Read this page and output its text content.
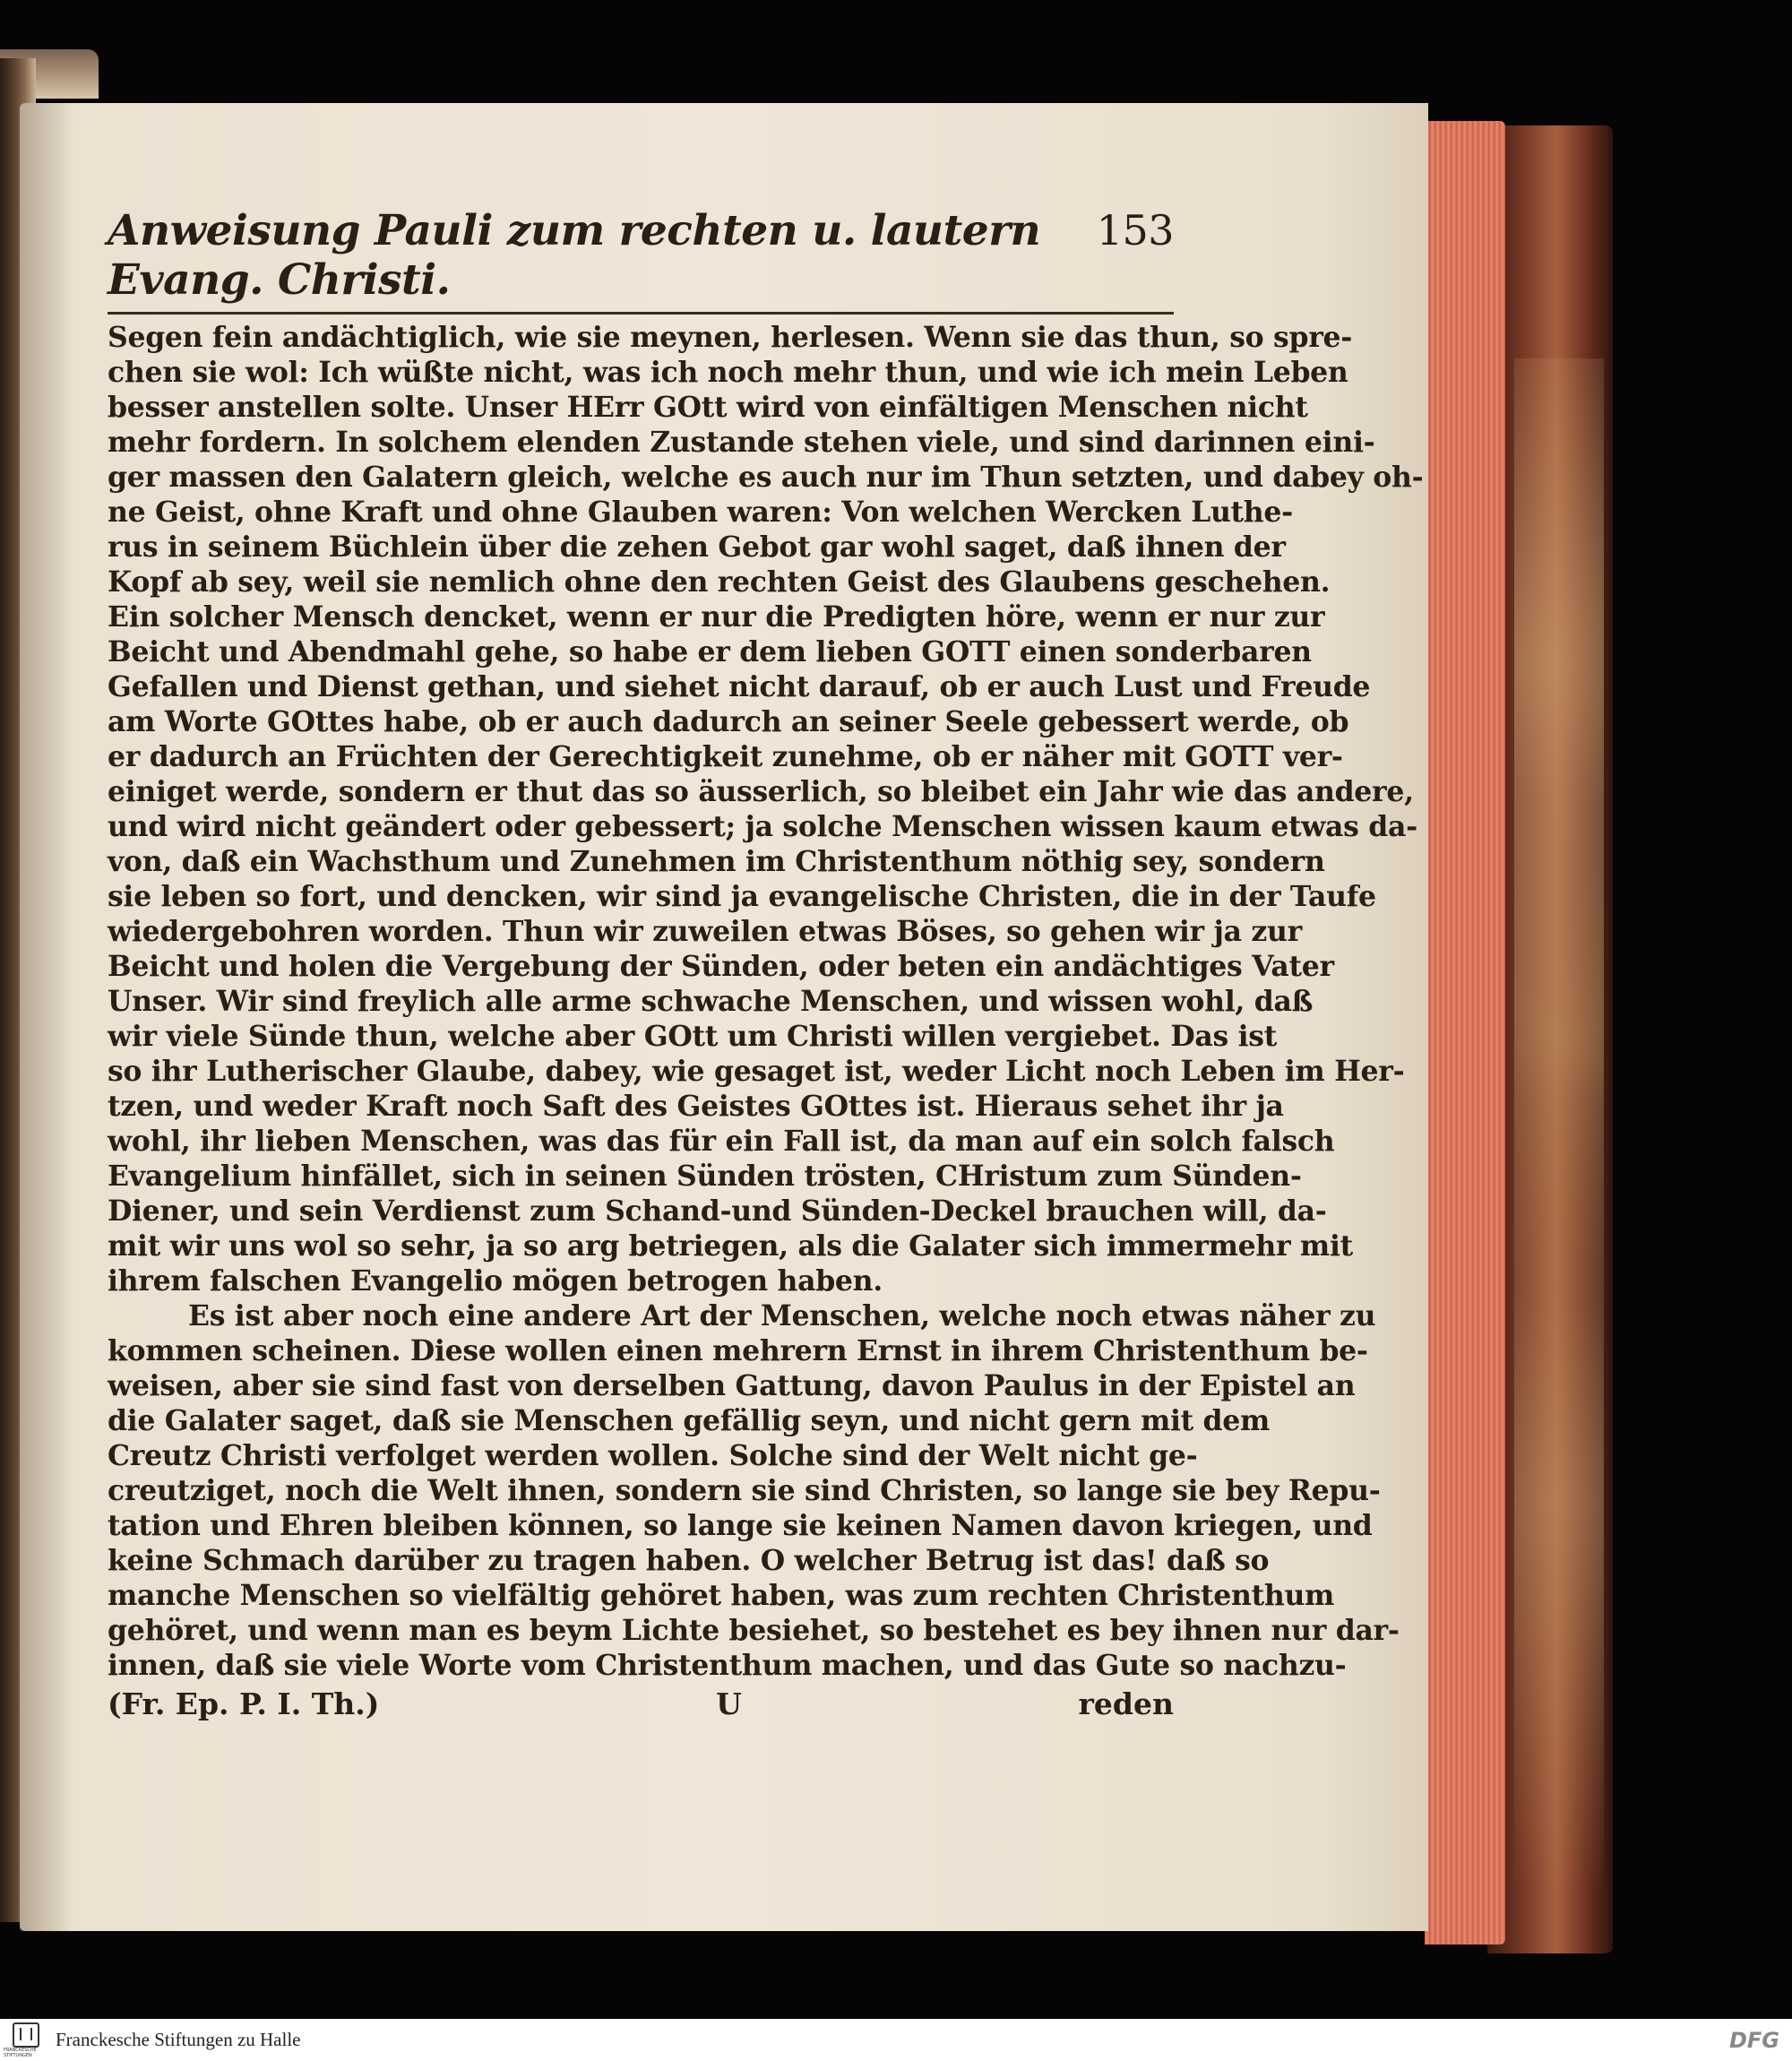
Anweisung Pauli zum rechten u. lautern Evang. Christi.
153
Segen fein andächtiglich, wie sie meynen, herlesen. Wenn sie das thun, so spre-
chen sie wol: Ich wüßte nicht, was ich noch mehr thun, und wie ich mein Leben
besser anstellen solte. Unser HErr GOtt wird von einfältigen Menschen nicht
mehr fordern. In solchem elenden Zustande stehen viele, und sind darinnen eini-
ger massen den Galatern gleich, welche es auch nur im Thun setzten, und dabey oh-
ne Geist, ohne Kraft und ohne Glauben waren: Von welchen Wercken Luthe-
rus in seinem Büchlein über die zehen Gebot gar wohl saget, daß ihnen der
Kopf ab sey, weil sie nemlich ohne den rechten Geist des Glaubens geschehen.
Ein solcher Mensch dencket, wenn er nur die Predigten höre, wenn er nur zur
Beicht und Abendmahl gehe, so habe er dem lieben GOTT einen sonderbaren
Gefallen und Dienst gethan, und siehet nicht darauf, ob er auch Lust und Freude
am Worte GOttes habe, ob er auch dadurch an seiner Seele gebessert werde, ob
er dadurch an Früchten der Gerechtigkeit zunehme, ob er näher mit GOTT ver-
einiget werde, sondern er thut das so äusserlich, so bleibet ein Jahr wie das andere,
und wird nicht geändert oder gebessert; ja solche Menschen wissen kaum etwas da-
von, daß ein Wachsthum und Zunehmen im Christenthum nöthig sey, sondern
sie leben so fort, und dencken, wir sind ja evangelische Christen, die in der Taufe
wiedergebohren worden. Thun wir zuweilen etwas Böses, so gehen wir ja zur
Beicht und holen die Vergebung der Sünden, oder beten ein andächtiges Vater
Unser. Wir sind freylich alle arme schwache Menschen, und wissen wohl, daß
wir viele Sünde thun, welche aber GOtt um Christi willen vergiebet. Das ist
so ihr Lutherischer Glaube, dabey, wie gesaget ist, weder Licht noch Leben im Her-
tzen, und weder Kraft noch Saft des Geistes GOttes ist. Hieraus sehet ihr ja
wohl, ihr lieben Menschen, was das für ein Fall ist, da man auf ein solch falsch
Evangelium hinfället, sich in seinen Sünden trösten, CHristum zum Sünden-
Diener, und sein Verdienst zum Schand-und Sünden-Deckel brauchen will, da-
mit wir uns wol so sehr, ja so arg betriegen, als die Galater sich immermehr mit
ihrem falschen Evangelio mögen betrogen haben.
Es ist aber noch eine andere Art der Menschen, welche noch etwas näher zu
kommen scheinen. Diese wollen einen mehrern Ernst in ihrem Christenthum be-
weisen, aber sie sind fast von derselben Gattung, davon Paulus in der Epistel an
die Galater saget, daß sie Menschen gefällig seyn, und nicht gern mit dem
Creutz Christi verfolget werden wollen. Solche sind der Welt nicht ge-
creutziget, noch die Welt ihnen, sondern sie sind Christen, so lange sie bey Repu-
tation und Ehren bleiben können, so lange sie keinen Namen davon kriegen, und
keine Schmach darüber zu tragen haben. O welcher Betrug ist das! daß so
manche Menschen so vielfältig gehöret haben, was zum rechten Christenthum
gehöret, und wenn man es beym Lichte besiehet, so bestehet es bey ihnen nur dar-
innen, daß sie viele Worte vom Christenthum machen, und das Gute so nachzu-
(Fr. Ep. P. I. Th.)	U	reden
FRANCKESCHE STIFTUNGEN
Franckesche Stiftungen zu Halle	DFG
